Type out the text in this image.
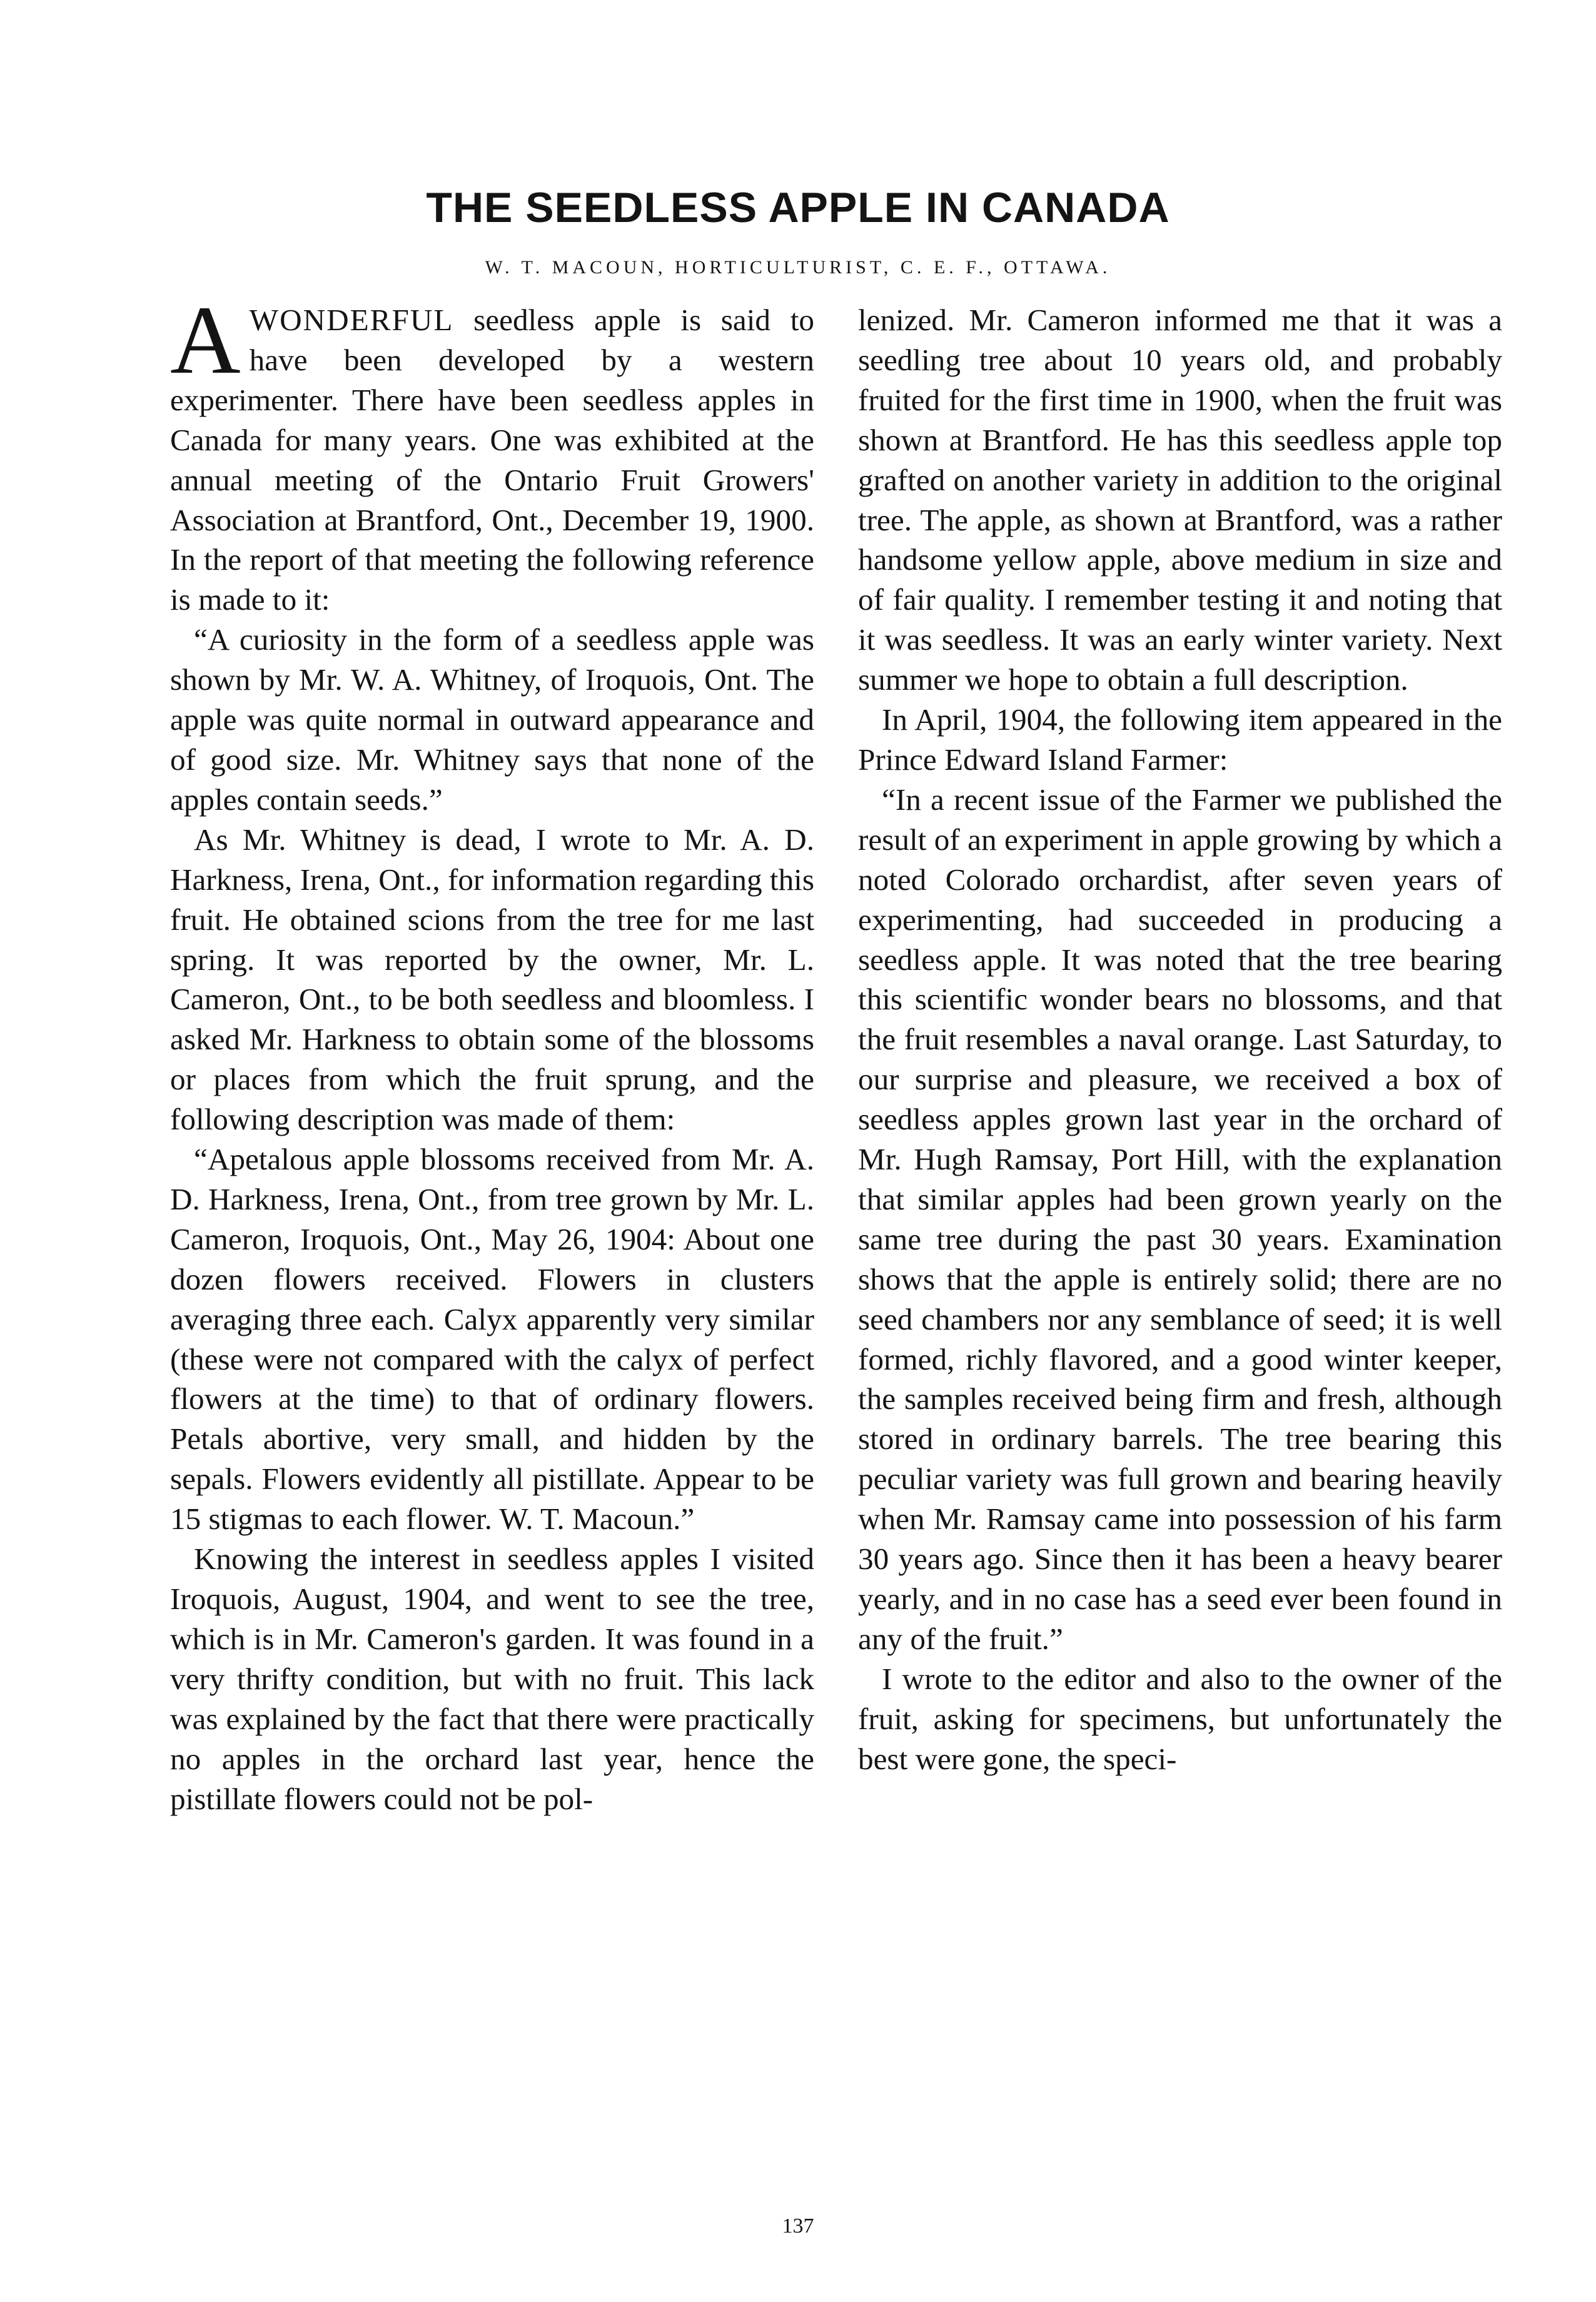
THE SEEDLESS APPLE IN CANADA
W. T. MACOUN, HORTICULTURIST, C. E. F., OTTAWA.

AWONDERFUL seedless apple is said to have been developed by a western experimenter. There have been seedless apples in Canada for many years. One was exhibited at the annual meeting of the Ontario Fruit Growers' Association at Brantford, Ont., December 19, 1900. In the report of that meeting the following reference is made to it:

“A curiosity in the form of a seedless apple was shown by Mr. W. A. Whitney, of Iroquois, Ont. The apple was quite normal in outward appearance and of good size. Mr. Whitney says that none of the apples contain seeds.”

As Mr. Whitney is dead, I wrote to Mr. A. D. Harkness, Irena, Ont., for information regarding this fruit. He obtained scions from the tree for me last spring. It was reported by the owner, Mr. L. Cameron, Ont., to be both seedless and bloomless. I asked Mr. Harkness to obtain some of the blossoms or places from which the fruit sprung, and the following description was made of them:

“Apetalous apple blossoms received from Mr. A. D. Harkness, Irena, Ont., from tree grown by Mr. L. Cameron, Iroquois, Ont., May 26, 1904: About one dozen flowers received. Flowers in clusters averaging three each. Calyx apparently very similar (these were not compared with the calyx of perfect flowers at the time) to that of ordinary flowers. Petals abortive, very small, and hidden by the sepals. Flowers evidently all pistillate. Appear to be 15 stigmas to each flower. W. T. Macoun.”

Knowing the interest in seedless apples I visited Iroquois, August, 1904, and went to see the tree, which is in Mr. Cameron's garden. It was found in a very thrifty condition, but with no fruit. This lack was explained by the fact that there were practically no apples in the orchard last year, hence the pistillate flowers could not be pol-

lenized. Mr. Cameron informed me that it was a seedling tree about 10 years old, and probably fruited for the first time in 1900, when the fruit was shown at Brantford. He has this seedless apple top grafted on another variety in addition to the original tree. The apple, as shown at Brantford, was a rather handsome yellow apple, above medium in size and of fair quality. I remember testing it and noting that it was seedless. It was an early winter variety. Next summer we hope to obtain a full description.

In April, 1904, the following item appeared in the Prince Edward Island Farmer:

“In a recent issue of the Farmer we published the result of an experiment in apple growing by which a noted Colorado orchardist, after seven years of experimenting, had succeeded in producing a seedless apple. It was noted that the tree bearing this scientific wonder bears no blossoms, and that the fruit resembles a naval orange. Last Saturday, to our surprise and pleasure, we received a box of seedless apples grown last year in the orchard of Mr. Hugh Ramsay, Port Hill, with the explanation that similar apples had been grown yearly on the same tree during the past 30 years. Examination shows that the apple is entirely solid; there are no seed chambers nor any semblance of seed; it is well formed, richly flavored, and a good winter keeper, the samples received being firm and fresh, although stored in ordinary barrels. The tree bearing this peculiar variety was full grown and bearing heavily when Mr. Ramsay came into possession of his farm 30 years ago. Since then it has been a heavy bearer yearly, and in no case has a seed ever been found in any of the fruit.”

I wrote to the editor and also to the owner of the fruit, asking for specimens, but unfortunately the best were gone, the speci-

137
